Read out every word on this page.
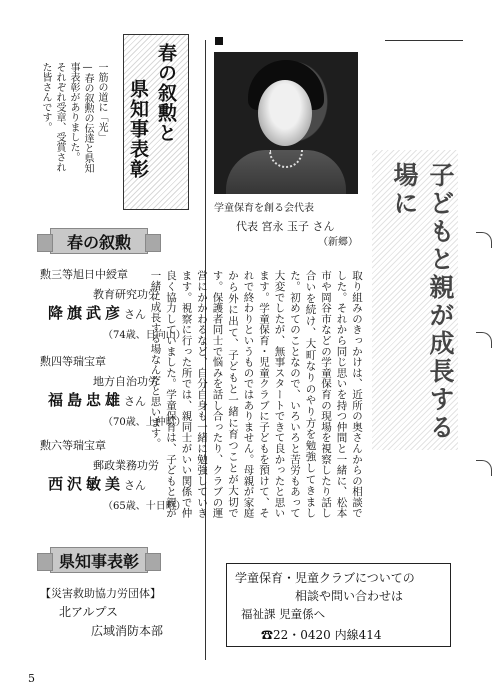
春の叙勲と
県知事表彰
一筋の道に「光」
—春の叙勲の伝達と県知
事表彰がありました。
それぞれ受章、受賞され
た皆さんです。
春の叙勲
勲三等旭日中綬章
教育研究功労
降旗武彦さん
（74歳、日向山）
勲四等瑞宝章
地方自治功労
福島忠雄さん
（70歳、上仲町）
勲六等瑞宝章
郵政業務功労
西沢敏美さん
（65歳、十日町）
県知事表彰
【災害救助協力労団体】
北アルプス
広域消防本部
5
学童保育を創る会代表
代表 宮永 玉子 さん
（新郷）	子どもと親が成長する場に
取り組みのきっかけは、近所の奥さんからの相談でした。それから同じ思いを持つ仲間と一緒に、松本市や岡谷市などの学童保育の現場を視察したり話し合いを続け、大町なりのやり方を勉強してきました。初めてのことなので、いろいろと苦労もあって大変でしたが、無事スタートできて良かったと思います。学童保育・児童クラブに子どもを預けて、それで終わりというものではありません。母親が家庭から外に出て、子どもと一緒に育つことが大切です。保護者同士で悩みを話し合ったり、クラブの運営にかかわるなど、自分自身も一緒に勉強していきます。視察に行った所では、親同士がいい関係で仲良く協力していました。学童保育は、子どもと親が一緒に成長する場なんだと思います。
学童保育・児童クラブについての
相談や問い合わせは
福祉課 児童係へ
☎22・0420 内線414
